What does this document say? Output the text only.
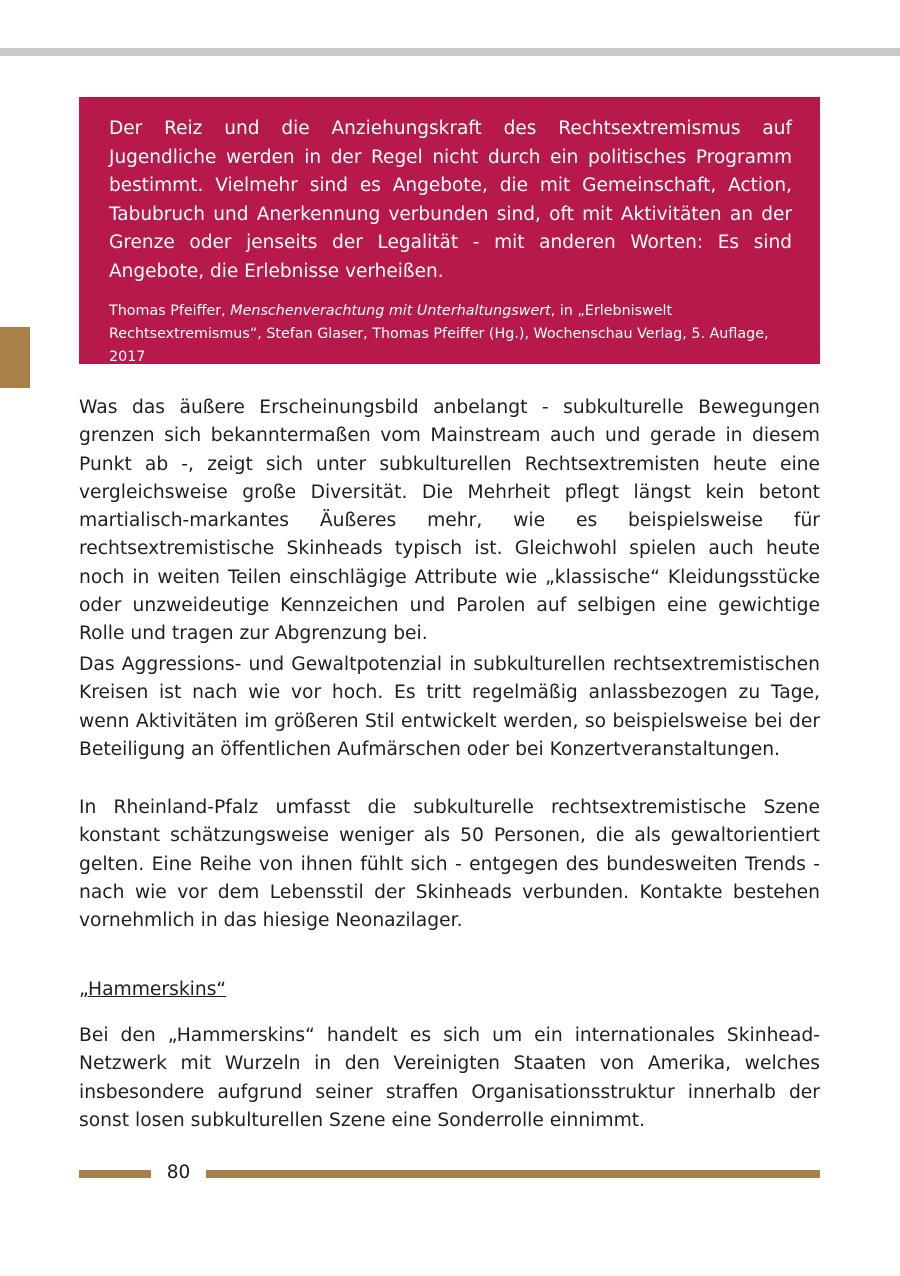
Der Reiz und die Anziehungskraft des Rechtsextremismus auf Jugendliche werden in der Regel nicht durch ein politisches Programm bestimmt. Vielmehr sind es Angebote, die mit Gemeinschaft, Action, Tabubruch und Anerkennung verbunden sind, oft mit Aktivitäten an der Grenze oder jenseits der Legalität - mit anderen Worten: Es sind Angebote, die Erlebnisse verheißen.

Thomas Pfeiffer, Menschenverachtung mit Unterhaltungswert, in „Erlebniswelt Rechtsextremismus“, Stefan Glaser, Thomas Pfeiffer (Hg.), Wochenschau Verlag, 5. Auflage, 2017

Was das äußere Erscheinungsbild anbelangt - subkulturelle Bewegungen grenzen sich bekanntermaßen vom Mainstream auch und gerade in diesem Punkt ab -, zeigt sich unter subkulturellen Rechtsextremisten heute eine vergleichsweise große Diversität. Die Mehrheit pflegt längst kein betont martialisch-markantes Äußeres mehr, wie es beispielsweise für rechtsextremistische Skinheads typisch ist. Gleichwohl spielen auch heute noch in weiten Teilen einschlägige Attribute wie „klassische“ Kleidungsstücke oder unzweideutige Kennzeichen und Parolen auf selbigen eine gewichtige Rolle und tragen zur Abgrenzung bei.

Das Aggressions- und Gewaltpotenzial in subkulturellen rechtsextremistischen Kreisen ist nach wie vor hoch. Es tritt regelmäßig anlassbezogen zu Tage, wenn Aktivitäten im größeren Stil entwickelt werden, so beispielsweise bei der Beteiligung an öffentlichen Aufmärschen oder bei Konzertveranstaltungen.

In Rheinland-Pfalz umfasst die subkulturelle rechtsextremistische Szene konstant schätzungsweise weniger als 50 Personen, die als gewaltorientiert gelten. Eine Reihe von ihnen fühlt sich - entgegen des bundesweiten Trends - nach wie vor dem Lebensstil der Skinheads verbunden. Kontakte bestehen vornehmlich in das hiesige Neonazilager.

„Hammerskins“

Bei den „Hammerskins“ handelt es sich um ein internationales Skinhead-Netzwerk mit Wurzeln in den Vereinigten Staaten von Amerika, welches insbesondere aufgrund seiner straffen Organisationsstruktur innerhalb der sonst losen subkulturellen Szene eine Sonderrolle einnimmt.

80
